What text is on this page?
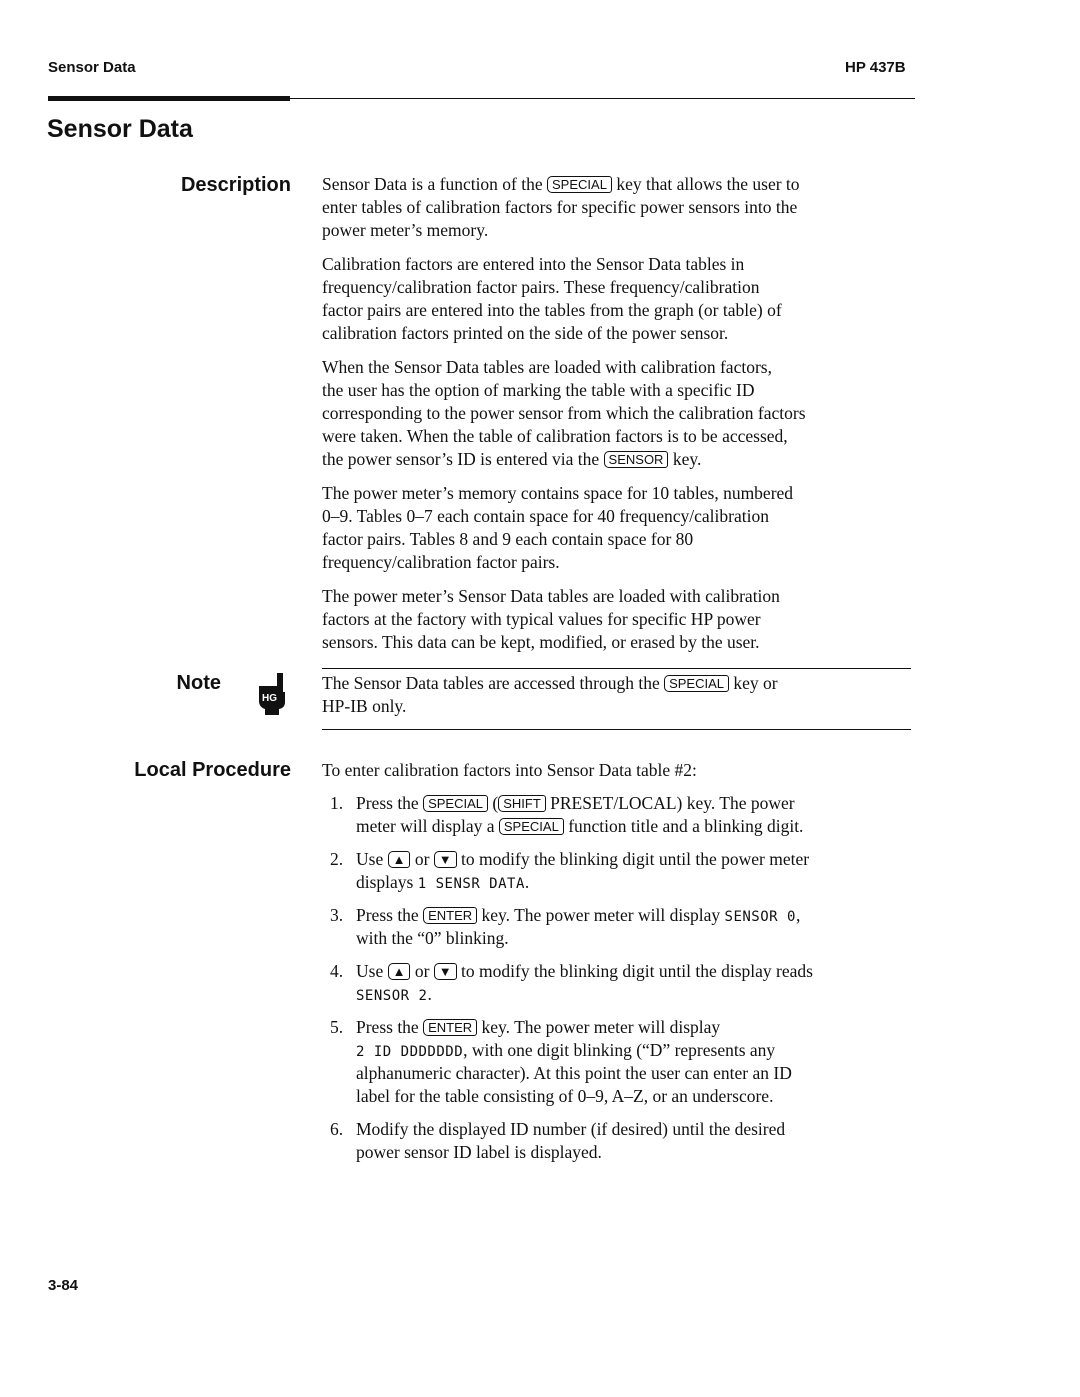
Sensor Data	HP 437B
Sensor Data
Description Sensor Data is a function of the SPECIAL key that allows the user to
enter tables of calibration factors for specific power sensors into the
power meter’s memory.
Calibration factors are entered into the Sensor Data tables in
frequency/calibration factor pairs. These frequency/calibration
factor pairs are entered into the tables from the graph (or table) of
calibration factors printed on the side of the power sensor.
When the Sensor Data tables are loaded with calibration factors,
the user has the option of marking the table with a specific ID
corresponding to the power sensor from which the calibration factors
were taken. When the table of calibration factors is to be accessed,
the power sensor’s ID is entered via the SENSOR key.
The power meter’s memory contains space for 10 tables, numbered
0–9. Tables 0–7 each contain space for 40 frequency/calibration
factor pairs. Tables 8 and 9 each contain space for 80
frequency/calibration factor pairs.
The power meter’s Sensor Data tables are loaded with calibration
factors at the factory with typical values for specific HP power
sensors. This data can be kept, modified, or erased by the user.
Note
HG
The Sensor Data tables are accessed through the SPECIAL key or
HP-IB only.
Local Procedure To enter calibration factors into Sensor Data table #2:
1. Press the SPECIAL ( SHIFT PRESET/LOCAL) key. The power
meter will display a SPECIAL function title and a blinking digit.
2. Use ▲ or ▼ to modify the blinking digit until the power meter
displays 1 SENSR DATA.
3. Press the ENTER key. The power meter will display SENSOR 0,
with the “0” blinking.
4. Use ▲ or ▼ to modify the blinking digit until the display reads
SENSOR 2.
5. Press the ENTER key. The power meter will display
2 ID DDDDDDD, with one digit blinking (“D” represents any
alphanumeric character). At this point the user can enter an ID
label for the table consisting of 0–9, A–Z, or an underscore.
6. Modify the displayed ID number (if desired) until the desired
power sensor ID label is displayed.
3-84
